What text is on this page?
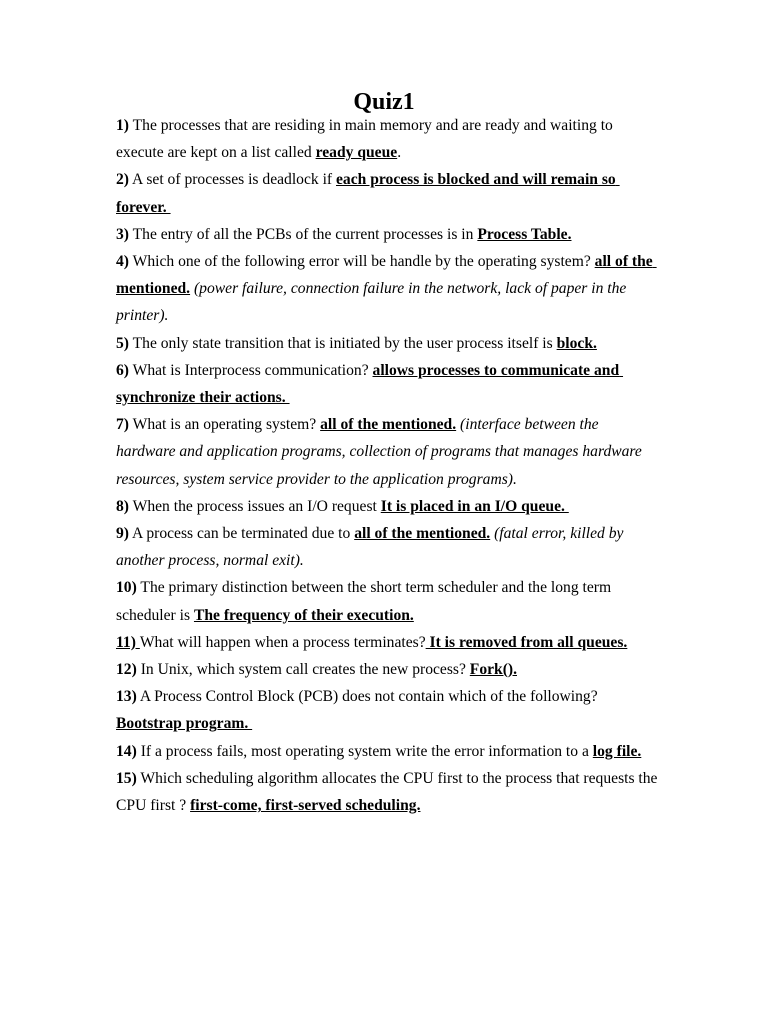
Quiz1

1) The processes that are residing in main memory and are ready and waiting to execute are kept on a list called ready queue.

2) A set of processes is deadlock if each process is blocked and will remain so forever.

3) The entry of all the PCBs of the current processes is in Process Table.

4) Which one of the following error will be handle by the operating system? all of the mentioned. (power failure, connection failure in the network, lack of paper in the printer).

5) The only state transition that is initiated by the user process itself is block.

6) What is Interprocess communication? allows processes to communicate and synchronize their actions.

7) What is an operating system? all of the mentioned. (interface between the hardware and application programs, collection of programs that manages hardware resources, system service provider to the application programs).

8) When the process issues an I/O request It is placed in an I/O queue.

9) A process can be terminated due to all of the mentioned. (fatal error, killed by another process, normal exit).

10) The primary distinction between the short term scheduler and the long term scheduler is The frequency of their execution.

11) What will happen when a process terminates? It is removed from all queues.

12) In Unix, which system call creates the new process? Fork().

13) A Process Control Block (PCB) does not contain which of the following? Bootstrap program.

14) If a process fails, most operating system write the error information to a log file.

15) Which scheduling algorithm allocates the CPU first to the process that requests the CPU first ? first-come, first-served scheduling.
